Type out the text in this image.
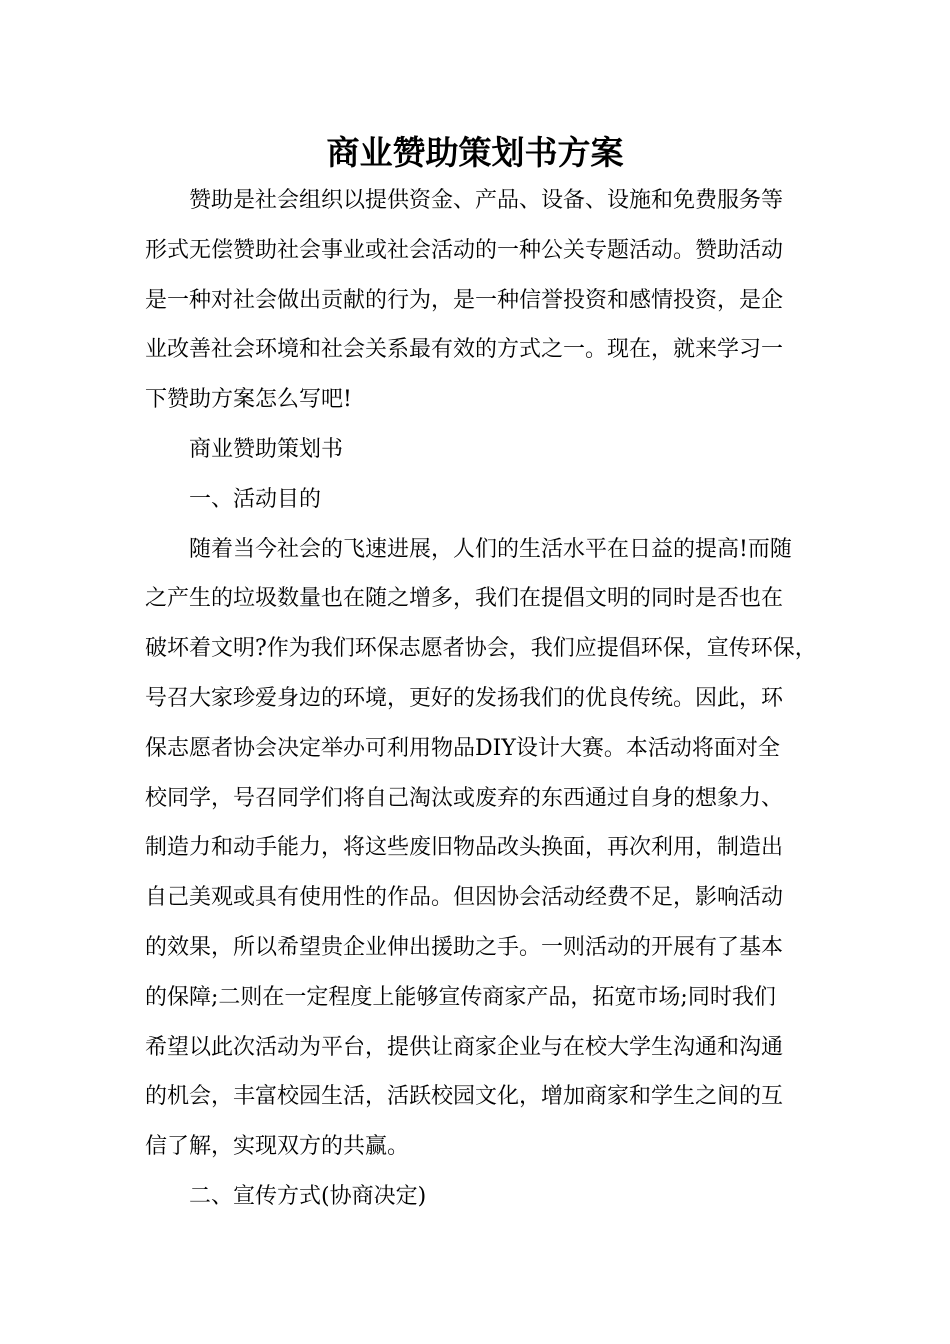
商业赞助策划书方案
赞助是社会组织以提供资金、产品、设备、设施和免费服务等
形式无偿赞助社会事业或社会活动的一种公关专题活动。赞助活动
是一种对社会做出贡献的行为，是一种信誉投资和感情投资，是企
业改善社会环境和社会关系最有效的方式之一。现在，就来学习一
下赞助方案怎么写吧!
商业赞助策划书
一、活动目的
随着当今社会的飞速进展，人们的生活水平在日益的提高!而随
之产生的垃圾数量也在随之增多，我们在提倡文明的同时是否也在
破坏着文明?作为我们环保志愿者协会，我们应提倡环保，宣传环保，
号召大家珍爱身边的环境，更好的发扬我们的优良传统。因此，环
保志愿者协会决定举办可利用物品DIY设计大赛。本活动将面对全
校同学，号召同学们将自己淘汰或废弃的东西通过自身的想象力、
制造力和动手能力，将这些废旧物品改头换面，再次利用，制造出
自己美观或具有使用性的作品。但因协会活动经费不足，影响活动
的效果，所以希望贵企业伸出援助之手。一则活动的开展有了基本
的保障;二则在一定程度上能够宣传商家产品，拓宽市场;同时我们
希望以此次活动为平台，提供让商家企业与在校大学生沟通和沟通
的机会，丰富校园生活，活跃校园文化，增加商家和学生之间的互
信了解，实现双方的共赢。
二、宣传方式(协商决定)
